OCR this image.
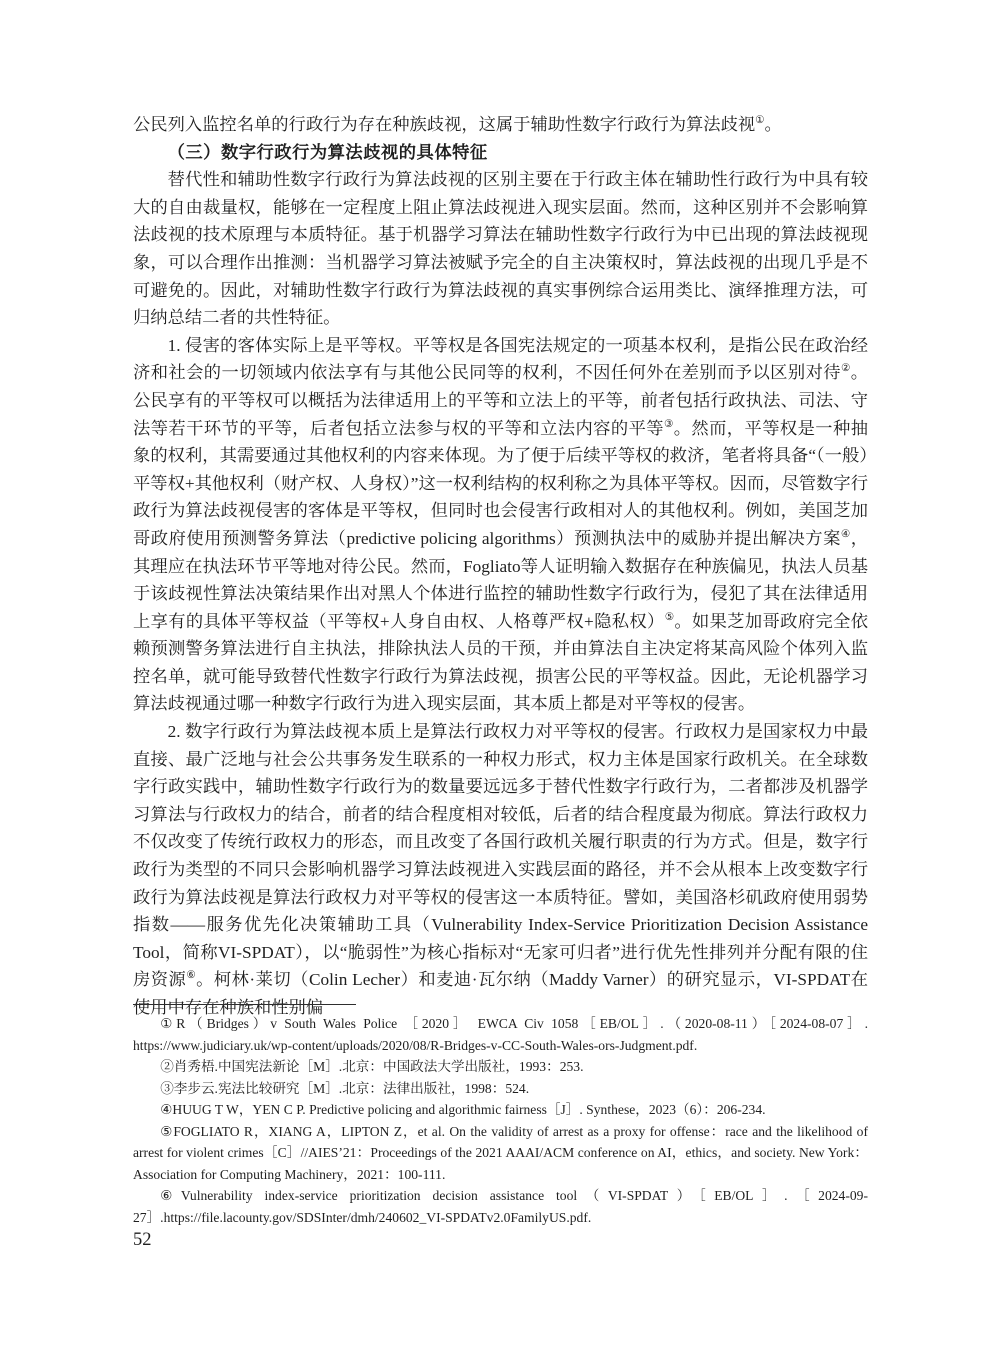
公民列入监控名单的行政行为存在种族歧视，这属于辅助性数字行政行为算法歧视①。

（三）数字行政行为算法歧视的具体特征

替代性和辅助性数字行政行为算法歧视的区别主要在于行政主体在辅助性行政行为中具有较大的自由裁量权，能够在一定程度上阻止算法歧视进入现实层面。然而，这种区别并不会影响算法歧视的技术原理与本质特征。基于机器学习算法在辅助性数字行政行为中已出现的算法歧视现象，可以合理作出推测：当机器学习算法被赋予完全的自主决策权时，算法歧视的出现几乎是不可避免的。因此，对辅助性数字行政行为算法歧视的真实事例综合运用类比、演绎推理方法，可归纳总结二者的共性特征。

1. 侵害的客体实际上是平等权。平等权是各国宪法规定的一项基本权利，是指公民在政治经济和社会的一切领域内依法享有与其他公民同等的权利，不因任何外在差别而予以区别对待②。公民享有的平等权可以概括为法律适用上的平等和立法上的平等，前者包括行政执法、司法、守法等若干环节的平等，后者包括立法参与权的平等和立法内容的平等③。然而，平等权是一种抽象的权利，其需要通过其他权利的内容来体现。为了便于后续平等权的救济，笔者将具备“（一般）平等权+其他权利（财产权、人身权）”这一权利结构的权利称之为具体平等权。因而，尽管数字行政行为算法歧视侵害的客体是平等权，但同时也会侵害行政相对人的其他权利。例如，美国芝加哥政府使用预测警务算法（predictive policing algorithms）预测执法中的威胁并提出解决方案④，其理应在执法环节平等地对待公民。然而，Fogliato等人证明输入数据存在种族偏见，执法人员基于该歧视性算法决策结果作出对黑人个体进行监控的辅助性数字行政行为，侵犯了其在法律适用上享有的具体平等权益（平等权+人身自由权、人格尊严权+隐私权）⑤。如果芝加哥政府完全依赖预测警务算法进行自主执法，排除执法人员的干预，并由算法自主决定将某高风险个体列入监控名单，就可能导致替代性数字行政行为算法歧视，损害公民的平等权益。因此，无论机器学习算法歧视通过哪一种数字行政行为进入现实层面，其本质上都是对平等权的侵害。

2. 数字行政行为算法歧视本质上是算法行政权力对平等权的侵害。行政权力是国家权力中最直接、最广泛地与社会公共事务发生联系的一种权力形式，权力主体是国家行政机关。在全球数字行政实践中，辅助性数字行政行为的数量要远远多于替代性数字行政行为，二者都涉及机器学习算法与行政权力的结合，前者的结合程度相对较低，后者的结合程度最为彻底。算法行政权力不仅改变了传统行政权力的形态，而且改变了各国行政机关履行职责的行为方式。但是，数字行政行为类型的不同只会影响机器学习算法歧视进入实践层面的路径，并不会从根本上改变数字行政行为算法歧视是算法行政权力对平等权的侵害这一本质特征。譬如，美国洛杉矶政府使用弱势指数——服务优先化决策辅助工具（Vulnerability Index-Service Prioritization Decision Assistance Tool，简称VI-SPDAT），以“脆弱性”为核心指标对“无家可归者”进行优先性排列并分配有限的住房资源⑥。柯林·莱切（Colin Lecher）和麦迪·瓦尔纳（Maddy Varner）的研究显示，VI-SPDAT在使用中存在种族和性别偏

①R（Bridges）v South Wales Police ［2020］ EWCA Civ 1058［EB/OL］.（2020-08-11）［2024-08-07］. https://www.judiciary.uk/wp-content/uploads/2020/08/R-Bridges-v-CC-South-Wales-ors-Judgment.pdf.

②肖秀梧.中国宪法新论［M］.北京：中国政法大学出版社，1993：253.

③李步云.宪法比较研究［M］.北京：法律出版社，1998：524.

④HUUG T W，YEN C P. Predictive policing and algorithmic fairness［J］. Synthese，2023（6）：206-234.

⑤FOGLIATO R，XIANG A，LIPTON Z，et al. On the validity of arrest as a proxy for offense：race and the likelihood of arrest for violent crimes［C］//AIES’21：Proceedings of the 2021 AAAI/ACM conference on AI，ethics，and society. New York：Association for Computing Machinery，2021：100-111.

⑥Vulnerability index-service prioritization decision assistance tool（VI-SPDAT）［EB/OL］.［2024-09-27］.https://file.lacounty.gov/SDSInter/dmh/240602_VI-SPDATv2.0FamilyUS.pdf.

52
